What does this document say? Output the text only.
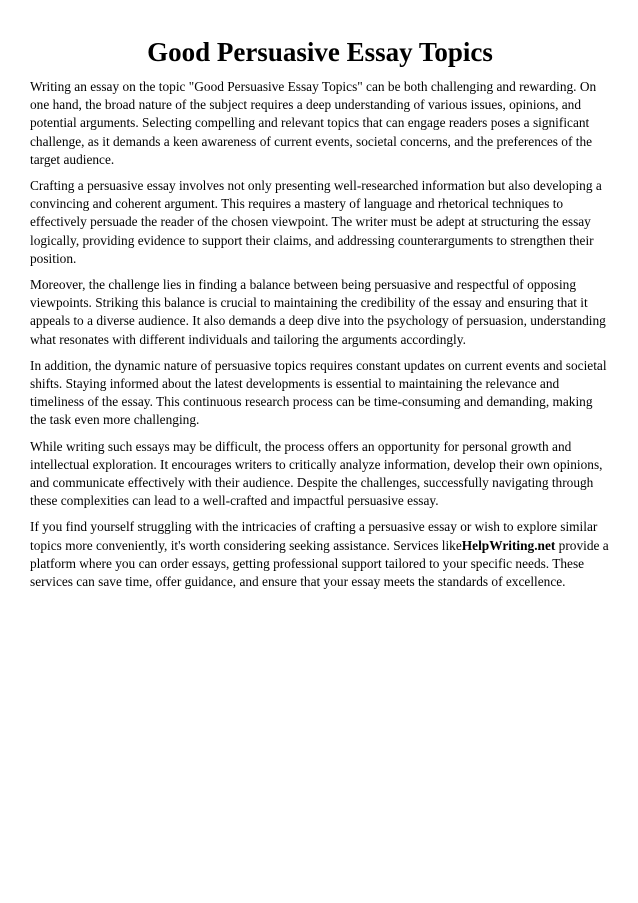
Good Persuasive Essay Topics

Writing an essay on the topic "Good Persuasive Essay Topics" can be both challenging and rewarding. On one hand, the broad nature of the subject requires a deep understanding of various issues, opinions, and potential arguments. Selecting compelling and relevant topics that can engage readers poses a significant challenge, as it demands a keen awareness of current events, societal concerns, and the preferences of the target audience.

Crafting a persuasive essay involves not only presenting well-researched information but also developing a convincing and coherent argument. This requires a mastery of language and rhetorical techniques to effectively persuade the reader of the chosen viewpoint. The writer must be adept at structuring the essay logically, providing evidence to support their claims, and addressing counterarguments to strengthen their position.

Moreover, the challenge lies in finding a balance between being persuasive and respectful of opposing viewpoints. Striking this balance is crucial to maintaining the credibility of the essay and ensuring that it appeals to a diverse audience. It also demands a deep dive into the psychology of persuasion, understanding what resonates with different individuals and tailoring the arguments accordingly.

In addition, the dynamic nature of persuasive topics requires constant updates on current events and societal shifts. Staying informed about the latest developments is essential to maintaining the relevance and timeliness of the essay. This continuous research process can be time-consuming and demanding, making the task even more challenging.

While writing such essays may be difficult, the process offers an opportunity for personal growth and intellectual exploration. It encourages writers to critically analyze information, develop their own opinions, and communicate effectively with their audience. Despite the challenges, successfully navigating through these complexities can lead to a well-crafted and impactful persuasive essay.

If you find yourself struggling with the intricacies of crafting a persuasive essay or wish to explore similar topics more conveniently, it's worth considering seeking assistance. Services likeHelpWriting.net provide a platform where you can order essays, getting professional support tailored to your specific needs. These services can save time, offer guidance, and ensure that your essay meets the standards of excellence.
